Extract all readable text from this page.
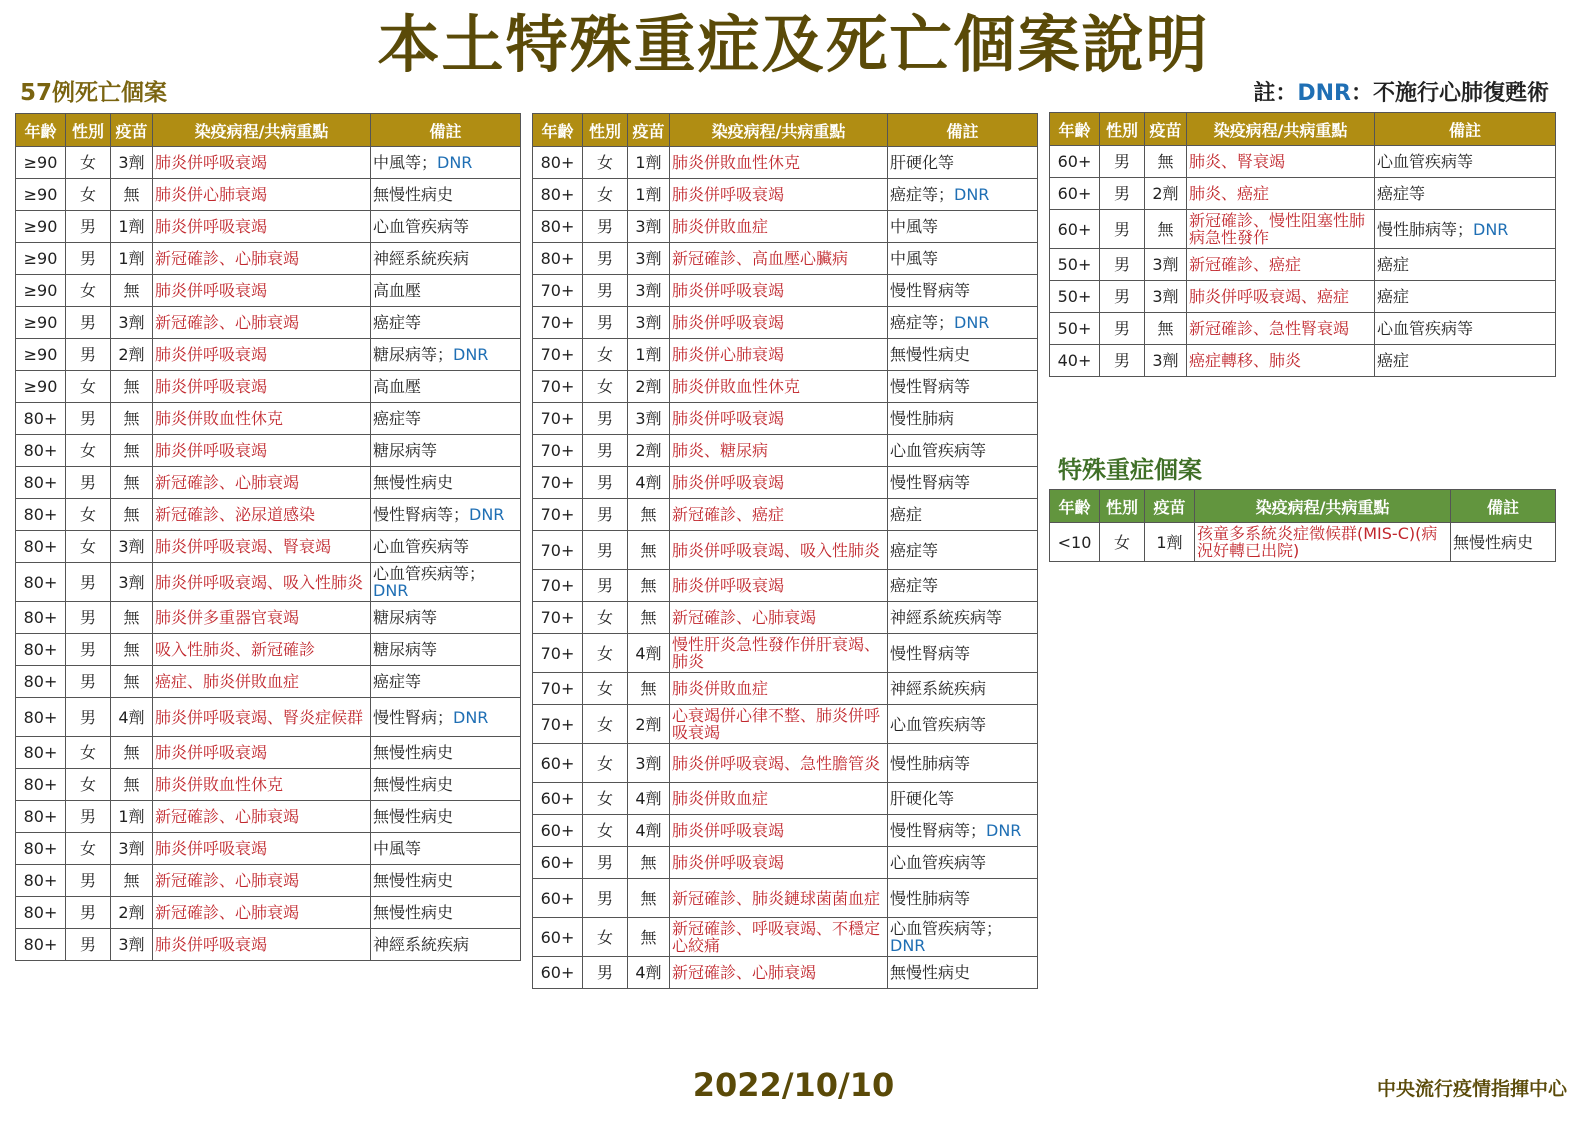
本土特殊重症及死亡個案說明
57例死亡個案	註：DNR：不施行心肺復甦術
年齡	性別	疫苗	染疫病程/共病重點	備註
≥90	女	3劑	肺炎併呼吸衰竭	中風等；DNR
≥90	女	無	肺炎併心肺衰竭	無慢性病史
≥90	男	1劑	肺炎併呼吸衰竭	心血管疾病等
≥90	男	1劑	新冠確診、心肺衰竭	神經系統疾病
≥90	女	無	肺炎併呼吸衰竭	高血壓
≥90	男	3劑	新冠確診、心肺衰竭	癌症等
≥90	男	2劑	肺炎併呼吸衰竭	糖尿病等；DNR
≥90	女	無	肺炎併呼吸衰竭	高血壓
80+	男	無	肺炎併敗血性休克	癌症等
80+	女	無	肺炎併呼吸衰竭	糖尿病等
80+	男	無	新冠確診、心肺衰竭	無慢性病史
80+	女	無	新冠確診、泌尿道感染	慢性腎病等；DNR
80+	女	3劑	肺炎併呼吸衰竭、腎衰竭	心血管疾病等
80+	男	3劑	肺炎併呼吸衰竭、吸入性肺炎	心血管疾病等；DNR
80+	男	無	肺炎併多重器官衰竭	糖尿病等
80+	男	無	吸入性肺炎、新冠確診	糖尿病等
80+	男	無	癌症、肺炎併敗血症	癌症等
80+	男	4劑	肺炎併呼吸衰竭、腎炎症候群	慢性腎病；DNR
80+	女	無	肺炎併呼吸衰竭	無慢性病史
80+	女	無	肺炎併敗血性休克	無慢性病史
80+	男	1劑	新冠確診、心肺衰竭	無慢性病史
80+	女	3劑	肺炎併呼吸衰竭	中風等
80+	男	無	新冠確診、心肺衰竭	無慢性病史
80+	男	2劑	新冠確診、心肺衰竭	無慢性病史
80+	男	3劑	肺炎併呼吸衰竭	神經系統疾病
年齡	性別	疫苗	染疫病程/共病重點	備註
80+	女	1劑	肺炎併敗血性休克	肝硬化等
80+	女	1劑	肺炎併呼吸衰竭	癌症等；DNR
80+	男	3劑	肺炎併敗血症	中風等
80+	男	3劑	新冠確診、高血壓心臟病	中風等
70+	男	3劑	肺炎併呼吸衰竭	慢性腎病等
70+	男	3劑	肺炎併呼吸衰竭	癌症等；DNR
70+	女	1劑	肺炎併心肺衰竭	無慢性病史
70+	女	2劑	肺炎併敗血性休克	慢性腎病等
70+	男	3劑	肺炎併呼吸衰竭	慢性肺病
70+	男	2劑	肺炎、糖尿病	心血管疾病等
70+	男	4劑	肺炎併呼吸衰竭	慢性腎病等
70+	男	無	新冠確診、癌症	癌症
70+	男	無	肺炎併呼吸衰竭、吸入性肺炎	癌症等
70+	男	無	肺炎併呼吸衰竭	癌症等
70+	女	無	新冠確診、心肺衰竭	神經系統疾病等
70+	女	4劑	慢性肝炎急性發作併肝衰竭、肺炎	慢性腎病等
70+	女	無	肺炎併敗血症	神經系統疾病
70+	女	2劑	心衰竭併心律不整、肺炎併呼吸衰竭	心血管疾病等
60+	女	3劑	肺炎併呼吸衰竭、急性膽管炎	慢性肺病等
60+	女	4劑	肺炎併敗血症	肝硬化等
60+	女	4劑	肺炎併呼吸衰竭	慢性腎病等；DNR
60+	男	無	肺炎併呼吸衰竭	心血管疾病等
60+	男	無	新冠確診、肺炎鏈球菌菌血症	慢性肺病等
60+	女	無	新冠確診、呼吸衰竭、不穩定心絞痛	心血管疾病等；DNR
60+	男	4劑	新冠確診、心肺衰竭	無慢性病史
年齡	性別	疫苗	染疫病程/共病重點	備註
60+	男	無	肺炎、腎衰竭	心血管疾病等
60+	男	2劑	肺炎、癌症	癌症等
60+	男	無	新冠確診、慢性阻塞性肺病急性發作	慢性肺病等；DNR
50+	男	3劑	新冠確診、癌症	癌症
50+	男	3劑	肺炎併呼吸衰竭、癌症	癌症
50+	男	無	新冠確診、急性腎衰竭	心血管疾病等
40+	男	3劑	癌症轉移、肺炎	癌症
特殊重症個案
年齡	性別	疫苗	染疫病程/共病重點	備註
<10	女	1劑	孩童多系統炎症徵候群(MIS-C)(病況好轉已出院)	無慢性病史
2022/10/10	中央流行疫情指揮中心
